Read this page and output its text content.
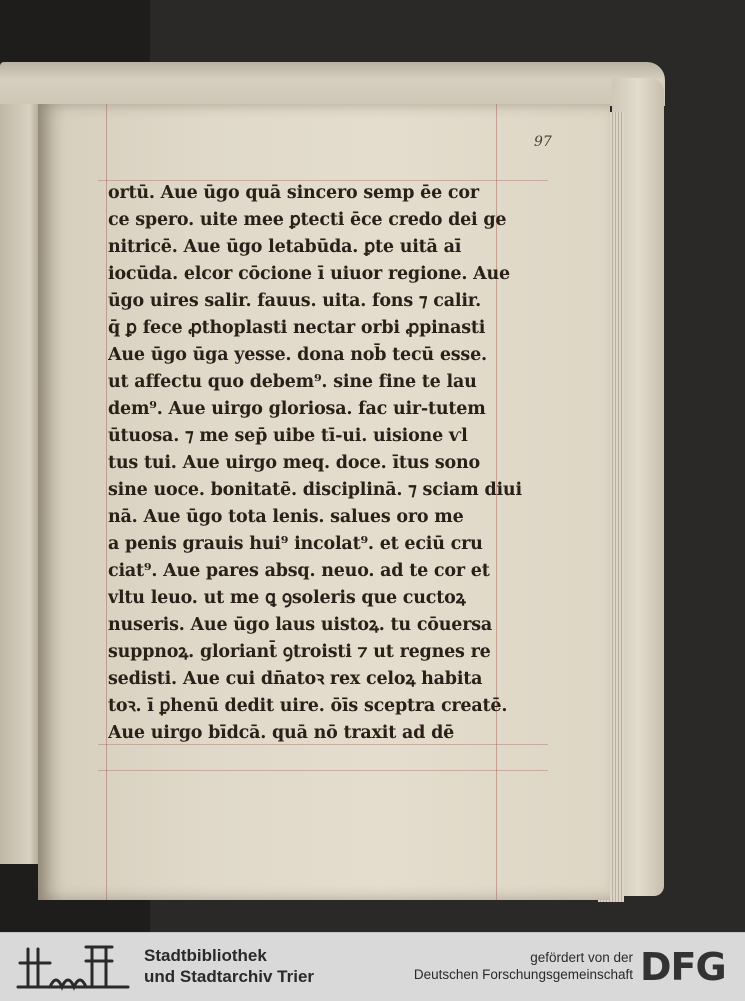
97
ortū. Aue ūgo quā sincero semp ēe cor
ce spero. uite mee ꝑtecti ēce credo dei ge
nitricē. Aue ūgo letabūda. ꝑte uitā aī
iocūda. elcor cōcione ī uiuor regione. Aue
ūgo uires salir. fauus. uita. fons ⁊ calir.
q̄ ꝑ fece ꝓthoplasti nectar orbi ꝓpinasti
Aue ūgo ūga yesse. dona nob̄ tecū esse.
ut affectu quo debem⁹. sine fine te lau
dem⁹. Aue uirgo gloriosa. fac uir-tutem
ūtuosa. ⁊ me sep̄ uibe tī-ui. uisione ⱱl
tus tui. Aue uirgo meq. doce. ītus sono
sine uoce. bonitatē. disciplinā. ⁊ sciam diui
nā. Aue ūgo tota lenis. salues oro me
a penis grauis hui⁹ incolat⁹. et eciū cru
ciat⁹. Aue pares absq. neuo. ad te cor et
vltu leuo. ut me ꝗ ꝯsoleris que cuctoꝝ
nuseris. Aue ūgo laus uistoꝝ. tu cōuersa
suppnoꝝ. gloriant̄ ꝯtroisti ⁊ ut regnes re
sedisti. Aue cui dn̄atoꝛ rex celoꝝ habita
toꝛ. ī ꝑhenū dedit uire. ōīs sceptra creatē.
Aue uirgo bīdcā. quā nō traxit ad dē
Stadtbibliothek
und Stadtarchiv Trier
gefördert von der
Deutschen Forschungsgemeinschaft DFG
